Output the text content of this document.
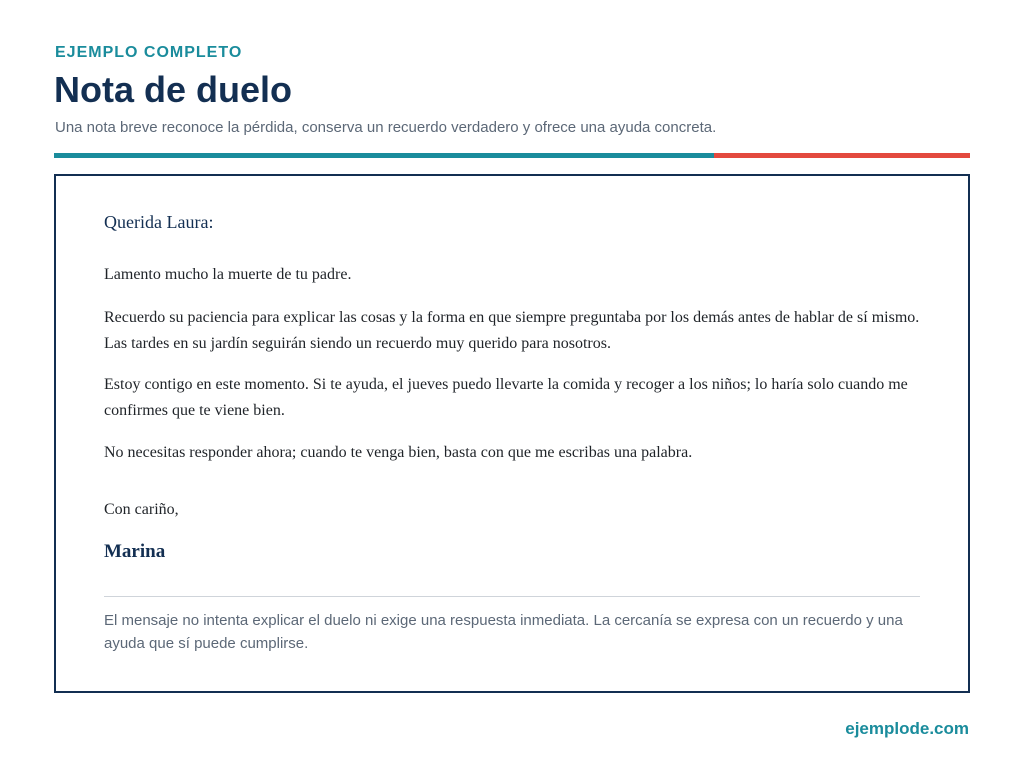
EJEMPLO COMPLETO
Nota de duelo
Una nota breve reconoce la pérdida, conserva un recuerdo verdadero y ofrece una ayuda concreta.
Querida Laura:

Lamento mucho la muerte de tu padre.

Recuerdo su paciencia para explicar las cosas y la forma en que siempre preguntaba por los demás antes de hablar de sí mismo. Las tardes en su jardín seguirán siendo un recuerdo muy querido para nosotros.

Estoy contigo en este momento. Si te ayuda, el jueves puedo llevarte la comida y recoger a los niños; lo haría solo cuando me confirmes que te viene bien.

No necesitas responder ahora; cuando te venga bien, basta con que me escribas una palabra.

Con cariño,
Marina

El mensaje no intenta explicar el duelo ni exige una respuesta inmediata. La cercanía se expresa con un recuerdo y una ayuda que sí puede cumplirse.

ejemplode.com
